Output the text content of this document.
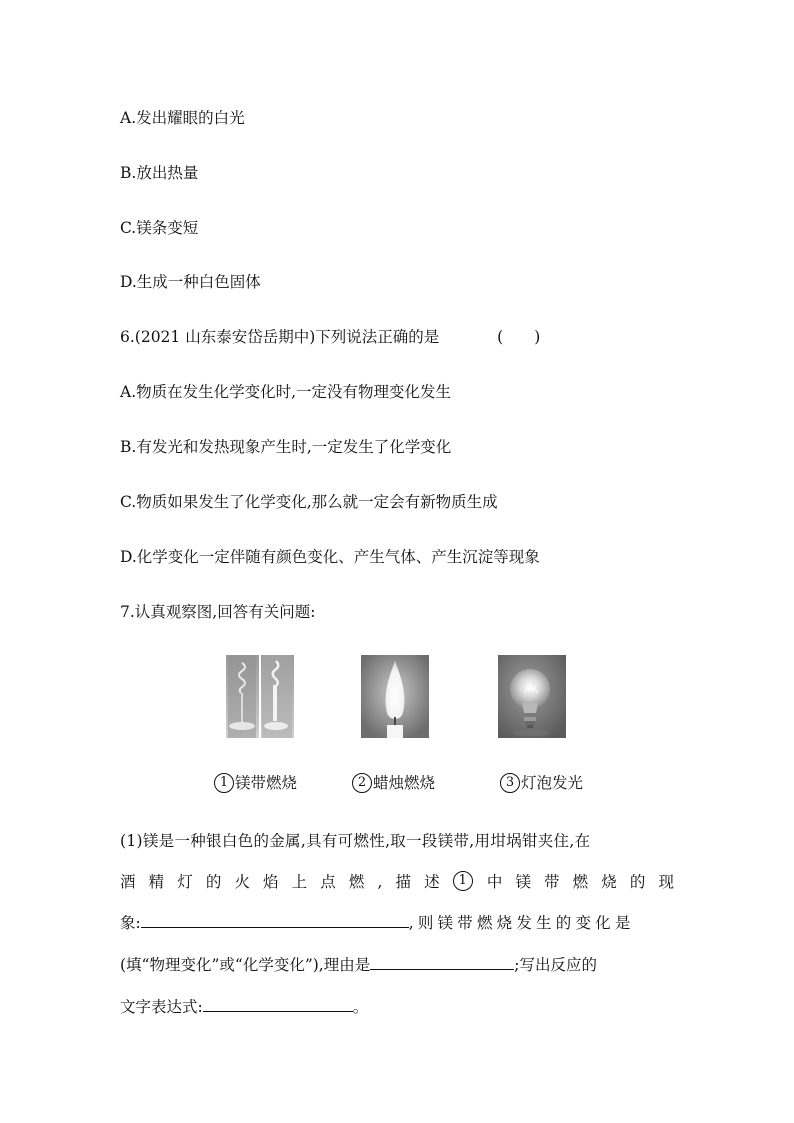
A.发出耀眼的白光
B.放出热量
C.镁条变短
D.生成一种白色固体
6.(2021 山东泰安岱岳期中)下列说法正确的是	(　　)
A.物质在发生化学变化时,一定没有物理变化发生
B.有发光和发热现象产生时,一定发生了化学变化
C.物质如果发生了化学变化,那么就一定会有新物质生成
D.化学变化一定伴随有颜色变化、产生气体、产生沉淀等现象
7.认真观察图,回答有关问题:
1 镁带燃烧	2 蜡烛燃烧	3 灯泡发光
(1)镁是一种银白色的金属,具有可燃性,取一段镁带,用坩埚钳夹住,在
酒 精 灯 的 火 焰 上 点 燃 , 描 述	1	中 镁 带 燃 烧 的 现
象:	,则镁带燃烧发生的变化是
(填“物理变化”或“化学变化”),理由是	;写出反应的
文字表达式:	。
